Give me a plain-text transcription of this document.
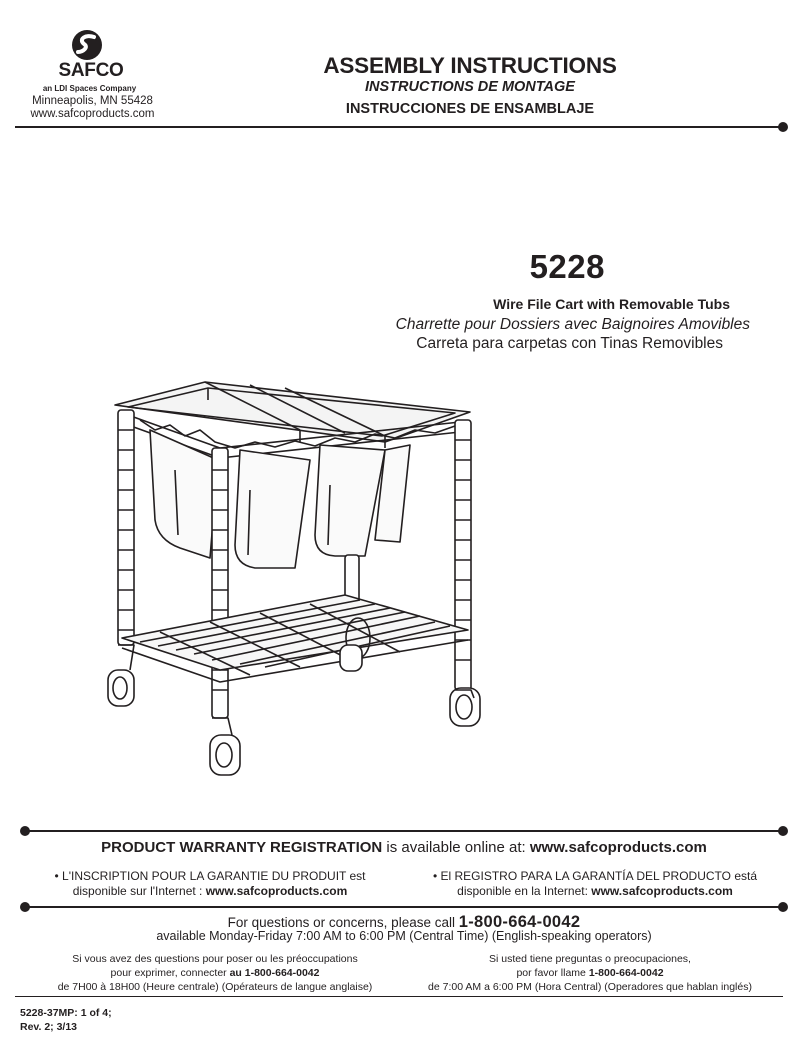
SAFCO
an LDI Spaces Company
Minneapolis, MN 55428
www.safcoproducts.com
ASSEMBLY INSTRUCTIONS
INSTRUCTIONS DE MONTAGE
INSTRUCCIONES DE ENSAMBLAJE
5228
Wire File Cart with Removable Tubs
Charrette pour Dossiers avec Baignoires Amovibles
Carreta para carpetas con Tinas Removibles
PRODUCT WARRANTY REGISTRATION is available online at: www.safcoproducts.com
• L'INSCRIPTION POUR LA GARANTIE DU PRODUIT est
disponible sur l'Internet : www.safcoproducts.com
• El REGISTRO PARA LA GARANTÍA DEL PRODUCTO está
disponible en la Internet: www.safcoproducts.com
For questions or concerns, please call 1-800-664-0042
available Monday-Friday 7:00 AM to 6:00 PM (Central Time) (English-speaking operators)
Si vous avez des questions pour poser ou les préoccupations
pour exprimer, connecter au 1-800-664-0042
de 7H00 à 18H00 (Heure centrale) (Opérateurs de langue anglaise)
Si usted tiene preguntas o preocupaciones,
por favor llame 1-800-664-0042
de 7:00 AM a 6:00 PM (Hora Central) (Operadores que hablan inglés)
5228-37MP: 1 of 4;
Rev. 2; 3/13
